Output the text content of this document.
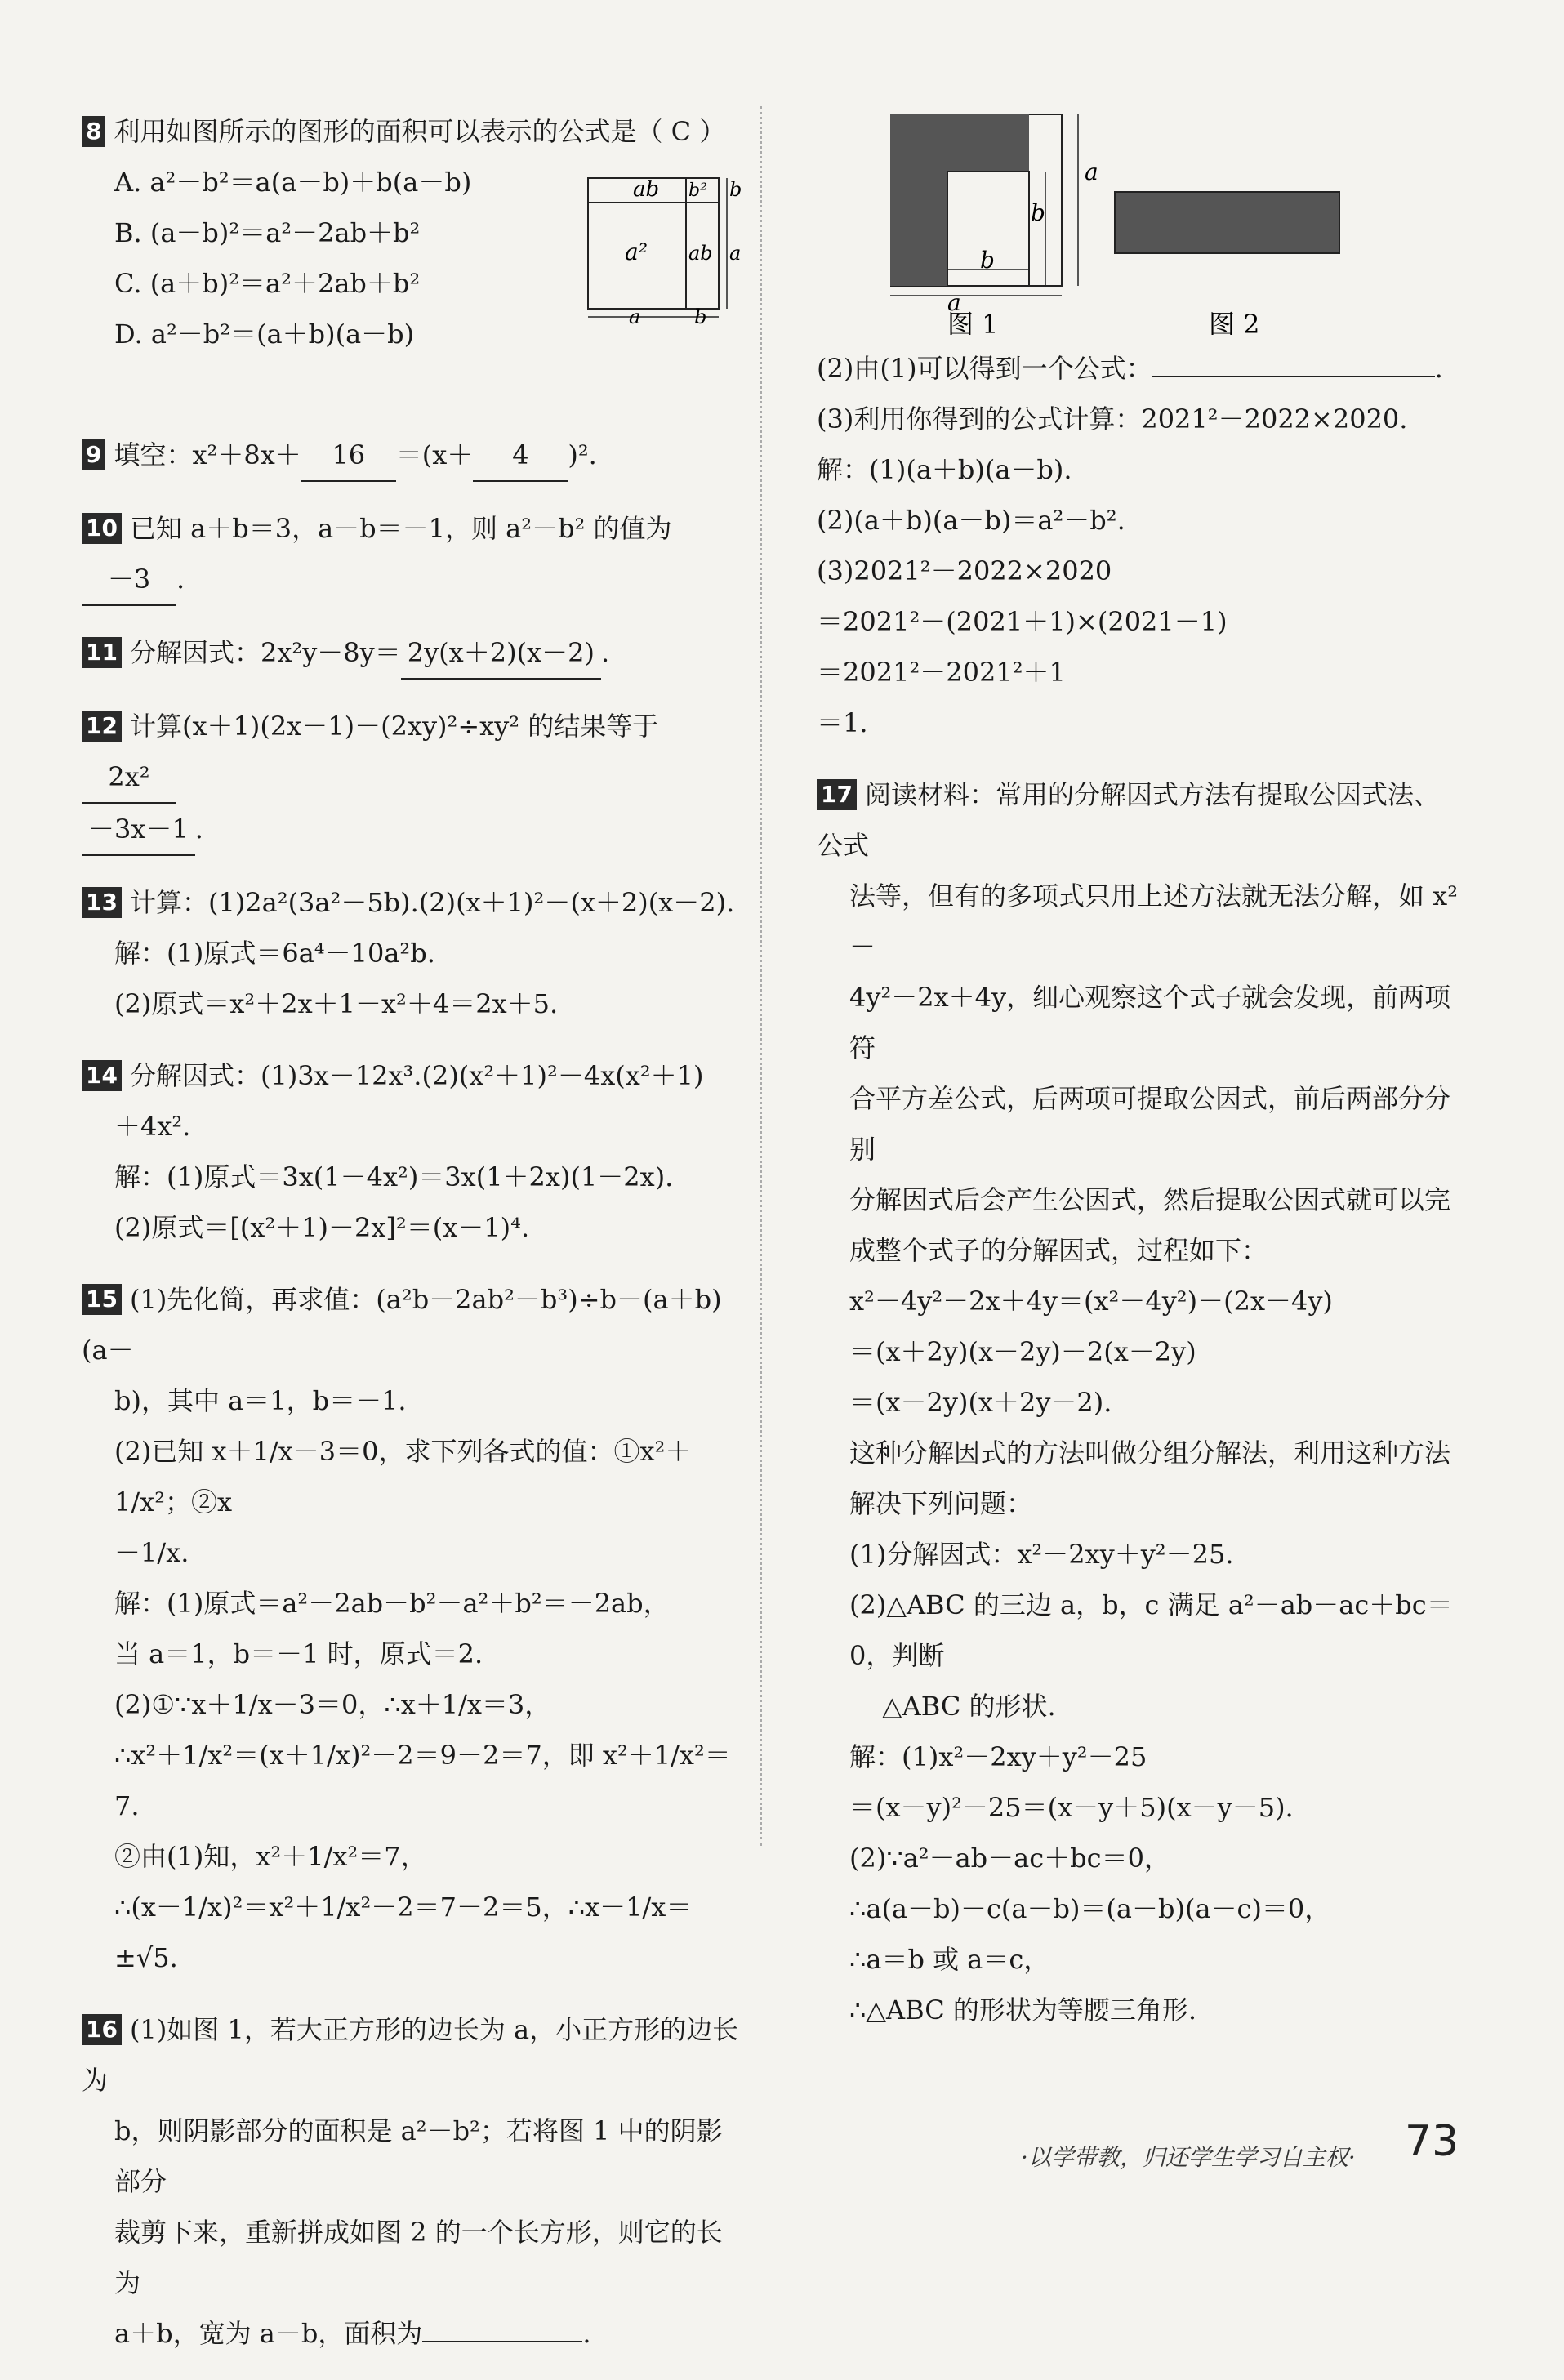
8 利用如图所示的图形的面积可以表示的公式是（ C ）
A. a²－b²＝a(a－b)＋b(a－b)
B. (a－b)²＝a²－2ab＋b²
C. (a＋b)²＝a²＋2ab＋b²
D. a²－b²＝(a＋b)(a－b)
ab b²
a² ab
a	b
b
a
9 填空：x²＋8x＋ 16 ＝(x＋ 4 )².
10 已知 a＋b＝3，a－b＝－1，则 a²－b² 的值为－3 .
11 分解因式：2x²y－8y＝ 2y(x＋2)(x－2) .
12 计算(x＋1)(2x－1)－(2xy)²÷xy² 的结果等于2x²
－3x－1 .
13 计算：(1)2a²(3a²－5b).(2)(x＋1)²－(x＋2)(x－2).
解：(1)原式＝6a⁴－10a²b.
(2)原式＝x²＋2x＋1－x²＋4＝2x＋5.
14 分解因式：(1)3x－12x³.(2)(x²＋1)²－4x(x²＋1)
＋4x².
解：(1)原式＝3x(1－4x²)＝3x(1＋2x)(1－2x).
(2)原式＝[(x²＋1)－2x]²＝(x－1)⁴.
15 (1)先化简，再求值：(a²b－2ab²－b³)÷b－(a＋b)(a－
b)，其中 a＝1，b＝－1.
(2)已知 x＋1/x－3＝0，求下列各式的值：①x²＋1/x²；②x
－1/x.
解：(1)原式＝a²－2ab－b²－a²＋b²＝－2ab，
当 a＝1，b＝－1 时，原式＝2.
(2)①∵x＋1/x－3＝0，∴x＋1/x＝3，
∴x²＋1/x²＝(x＋1/x)²－2＝9－2＝7，即 x²＋1/x²＝7.
②由(1)知，x²＋1/x²＝7，
∴(x－1/x)²＝x²＋1/x²－2＝7－2＝5，∴x－1/x＝±√5.
16 (1)如图 1，若大正方形的边长为 a，小正方形的边长为
b，则阴影部分的面积是 a²－b²；若将图 1 中的阴影部分
裁剪下来，重新拼成如图 2 的一个长方形，则它的长为
a＋b，宽为 a－b，面积为	.
a
b
b
a
图 1	图 2
(2)由(1)可以得到一个公式：	.
(3)利用你得到的公式计算：2021²－2022×2020.
解：(1)(a＋b)(a－b).
(2)(a＋b)(a－b)＝a²－b².
(3)2021²－2022×2020
＝2021²－(2021＋1)×(2021－1)
＝2021²－2021²＋1
＝1.
17 阅读材料：常用的分解因式方法有提取公因式法、公式
法等，但有的多项式只用上述方法就无法分解，如 x²－
4y²－2x＋4y，细心观察这个式子就会发现，前两项符
合平方差公式，后两项可提取公因式，前后两部分分别
分解因式后会产生公因式，然后提取公因式就可以完
成整个式子的分解因式，过程如下：
x²－4y²－2x＋4y＝(x²－4y²)－(2x－4y)
＝(x＋2y)(x－2y)－2(x－2y)
＝(x－2y)(x＋2y－2).
这种分解因式的方法叫做分组分解法，利用这种方法
解决下列问题：
(1)分解因式：x²－2xy＋y²－25.
(2)△ABC 的三边 a，b，c 满足 a²－ab－ac＋bc＝0，判断
△ABC 的形状.
解：(1)x²－2xy＋y²－25
＝(x－y)²－25＝(x－y＋5)(x－y－5).
(2)∵a²－ab－ac＋bc＝0，
∴a(a－b)－c(a－b)＝(a－b)(a－c)＝0，
∴a＝b 或 a＝c，
∴△ABC 的形状为等腰三角形.
·以学带教，归还学生学习自主权· 73
